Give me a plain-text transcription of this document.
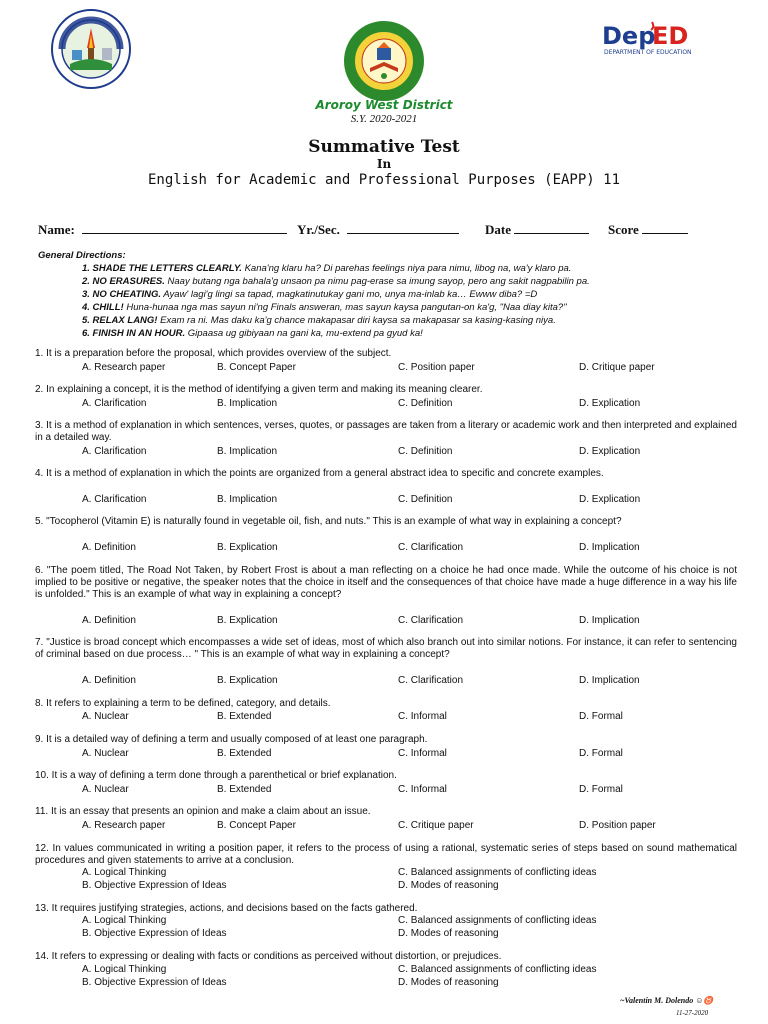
Dep
ED
DEPARTMENT OF EDUCATION
Aroroy West District
S.Y. 2020-2021
Summative Test
In
English for Academic and Professional Purposes (EAPP) 11
Name:	Yr./Sec.	Date	Score
General Directions:
1. SHADE THE LETTERS CLEARLY. Kana'ng klaru ha? Di parehas feelings niya para nimu, libog na, wa'y klaro pa.
2. NO ERASURES. Naay butang nga bahala'g unsaon pa nimu pag-erase sa imung sayop, pero ang sakit nagpabilin pa.
3. NO CHEATING. Ayaw' lagi'g lingi sa tapad, magkatinutukay gani mo, unya ma-inlab ka… Ewww diba? =D
4. CHILL! Huna-hunaa nga mas sayun ni'ng Finals answeran, mas sayun kaysa pangutan-on ka'g, "Naa diay kita?"
5. RELAX LANG! Exam ra ni. Mas daku ka'g chance makapasar diri kaysa sa makapasar sa kasing-kasing niya.
6. FINISH IN AN HOUR. Gipaasa ug gibiyaan na gani ka, mu-extend pa gyud ka!
1. It is a preparation before the proposal, which provides overview of the subject.
A. Research paper	B. Concept Paper	C. Position paper	D. Critique paper
2. In explaining a concept, it is the method of identifying a given term and making its meaning clearer.
A. Clarification	B. Implication	C. Definition	D. Explication
3. It is a method of explanation in which sentences, verses, quotes, or passages are taken from a literary or academic work and then interpreted and explained in a detailed way.
A. Clarification	B. Implication	C. Definition	D. Explication
4. It is a method of explanation in which the points are organized from a general abstract idea to specific and concrete examples.
A. Clarification	B. Implication	C. Definition	D. Explication
5. "Tocopherol (Vitamin E) is naturally found in vegetable oil, fish, and nuts." This is an example of what way in explaining a concept?
A. Definition	B. Explication	C. Clarification	D. Implication
6. "The poem titled, The Road Not Taken, by Robert Frost is about a man reflecting on a choice he had once made. While the outcome of his choice is not implied to be positive or negative, the speaker notes that the choice in itself and the consequences of that choice have made a huge difference in a way his life is unfolded." This is an example of what way in explaining a concept?
A. Definition	B. Explication	C. Clarification	D. Implication
7. "Justice is broad concept which encompasses a wide set of ideas, most of which also branch out into similar notions. For instance, it can refer to sentencing of criminal based on due process… " This is an example of what way in explaining a concept?
A. Definition	B. Explication	C. Clarification	D. Implication
8. It refers to explaining a term to be defined, category, and details.
A. Nuclear	B. Extended	C. Informal	D. Formal
9. It is a detailed way of defining a term and usually composed of at least one paragraph.
A. Nuclear	B. Extended	C. Informal	D. Formal
10. It is a way of defining a term done through a parenthetical or brief explanation.
A. Nuclear	B. Extended	C. Informal	D. Formal
11. It is an essay that presents an opinion and make a claim about an issue.
A. Research paper	B. Concept Paper	C. Critique paper	D. Position paper
12. In values communicated in writing a position paper, it refers to the process of using a rational, systematic series of steps based on sound mathematical procedures and given statements to arrive at a conclusion.
A. Logical Thinking	C. Balanced assignments of conflicting ideas
B. Objective Expression of Ideas	D. Modes of reasoning
13. It requires justifying strategies, actions, and decisions based on the facts gathered.
A. Logical Thinking	C. Balanced assignments of conflicting ideas
B. Objective Expression of Ideas	D. Modes of reasoning
14. It refers to expressing or dealing with facts or conditions as perceived without distortion, or prejudices.
A. Logical Thinking	C. Balanced assignments of conflicting ideas
B. Objective Expression of Ideas	D. Modes of reasoning
~Valentin M. Dolendo ☺♉
11-27-2020
